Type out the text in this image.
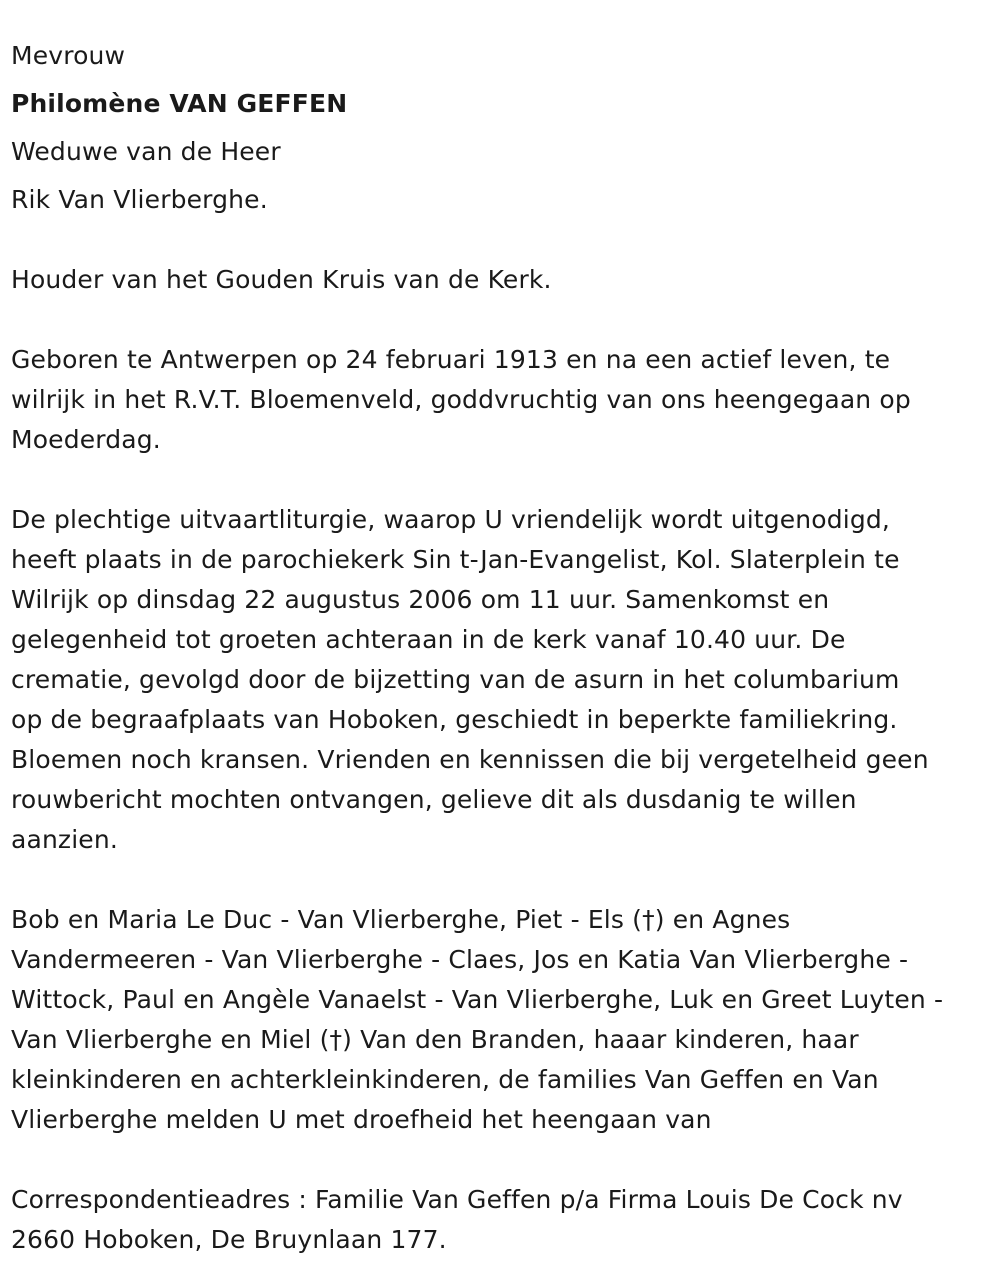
Mevrouw
Philomène VAN GEFFEN
Weduwe van de Heer
Rik Van Vlierberghe.
Houder van het Gouden Kruis van de Kerk.
Geboren te Antwerpen op 24 februari 1913 en na een actief leven, te
wilrijk in het R.V.T. Bloemenveld, goddvruchtig van ons heengegaan op
Moederdag.
De plechtige uitvaartliturgie, waarop U vriendelijk wordt uitgenodigd,
heeft plaats in de parochiekerk Sin t-Jan-Evangelist, Kol. Slaterplein te
Wilrijk op dinsdag 22 augustus 2006 om 11 uur. Samenkomst en
gelegenheid tot groeten achteraan in de kerk vanaf 10.40 uur. De
crematie, gevolgd door de bijzetting van de asurn in het columbarium
op de begraafplaats van Hoboken, geschiedt in beperkte familiekring.
Bloemen noch kransen. Vrienden en kennissen die bij vergetelheid geen
rouwbericht mochten ontvangen, gelieve dit als dusdanig te willen
aanzien.
Bob en Maria Le Duc - Van Vlierberghe, Piet - Els (†) en Agnes
Vandermeeren - Van Vlierberghe - Claes, Jos en Katia Van Vlierberghe -
Wittock, Paul en Angèle Vanaelst - Van Vlierberghe, Luk en Greet Luyten -
Van Vlierberghe en Miel (†) Van den Branden, haaar kinderen, haar
kleinkinderen en achterkleinkinderen, de families Van Geffen en Van
Vlierberghe melden U met droefheid het heengaan van
Correspondentieadres : Familie Van Geffen p/a Firma Louis De Cock nv
2660 Hoboken, De Bruynlaan 177.
